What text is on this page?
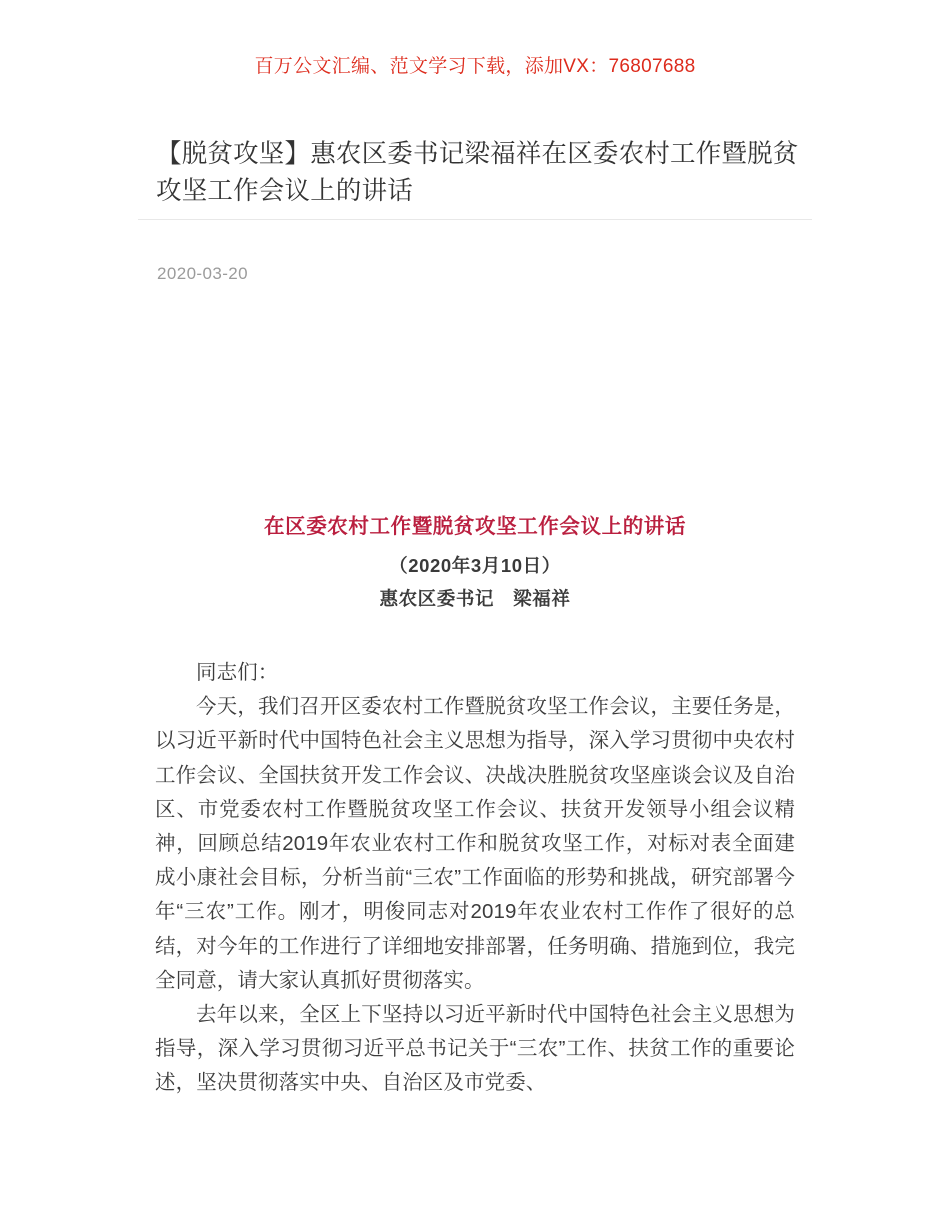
百万公文汇编、范文学习下载，添加VX：76807688
【脱贫攻坚】惠农区委书记梁福祥在区委农村工作暨脱贫攻坚工作会议上的讲话
2020-03-20

在区委农村工作暨脱贫攻坚工作会议上的讲话

（2020年3月10日）

惠农区委书记　梁福祥

同志们：

今天，我们召开区委农村工作暨脱贫攻坚工作会议，主要任务是，以习近平新时代中国特色社会主义思想为指导，深入学习贯彻中央农村工作会议、全国扶贫开发工作会议、决战决胜脱贫攻坚座谈会议及自治区、市党委农村工作暨脱贫攻坚工作会议、扶贫开发领导小组会议精神，回顾总结2019年农业农村工作和脱贫攻坚工作，对标对表全面建成小康社会目标，分析当前“三农”工作面临的形势和挑战，研究部署今年“三农”工作。刚才，明俊同志对2019年农业农村工作作了很好的总结，对今年的工作进行了详细地安排部署，任务明确、措施到位，我完全同意，请大家认真抓好贯彻落实。

去年以来，全区上下坚持以习近平新时代中国特色社会主义思想为指导，深入学习贯彻习近平总书记关于“三农”工作、扶贫工作的重要论述，坚决贯彻落实中央、自治区及市党委、
